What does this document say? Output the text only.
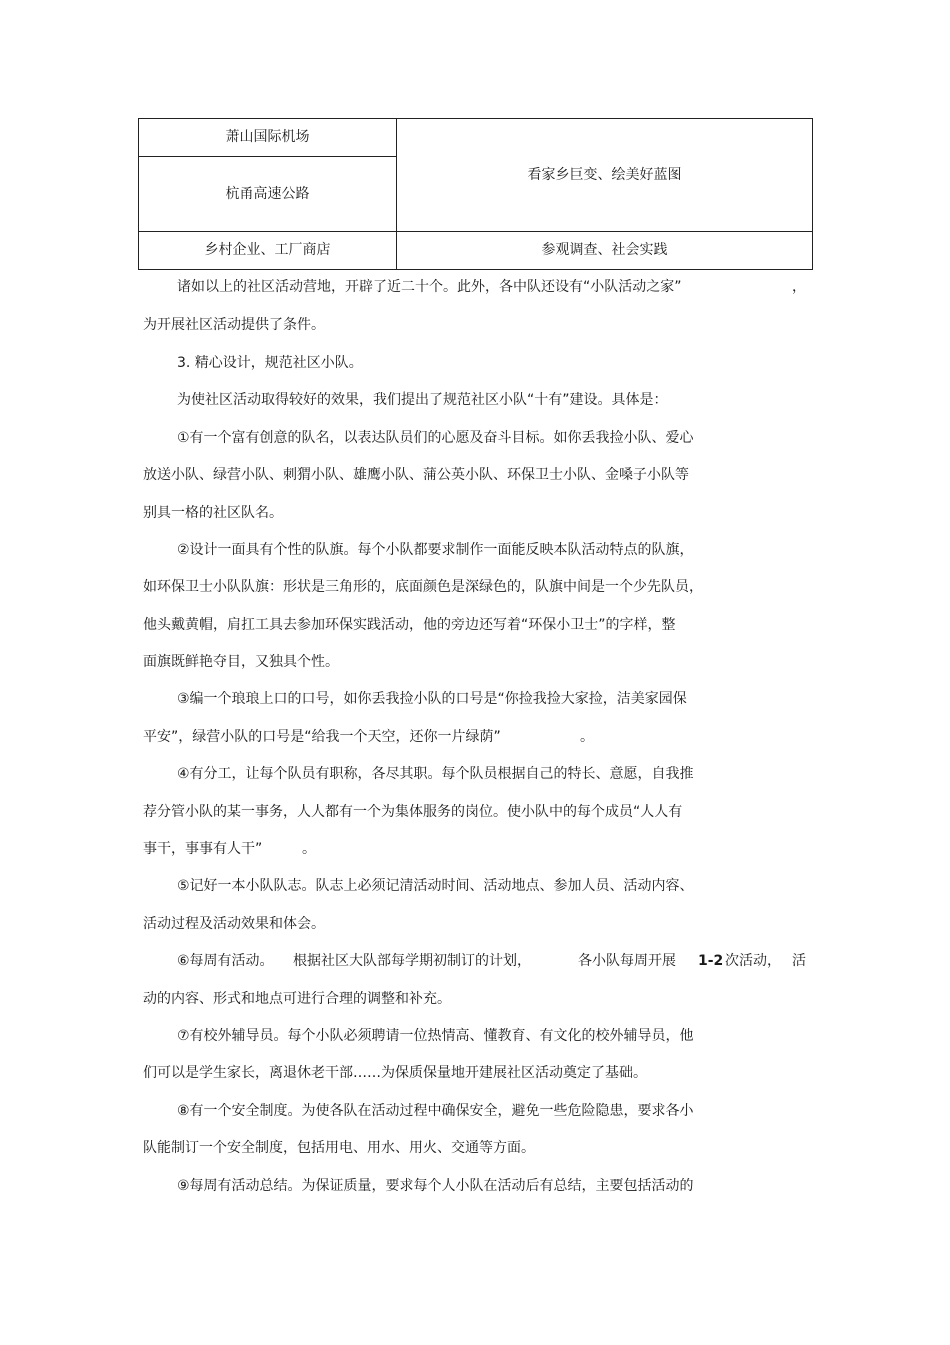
萧山国际机场	看家乡巨变、绘美好蓝图
杭甬高速公路	
乡村企业、工厂商店	参观调查、社会实践
诸如以上的社区活动营地，开辟了近二十个。此外，各中队还设有“小队活动之家”	，
为开展社区活动提供了条件。
3. 精心设计，规范社区小队。
为使社区活动取得较好的效果，我们提出了规范社区小队“十有”建设。具体是：
①有一个富有创意的队名，以表达队员们的心愿及奋斗目标。如你丢我捡小队、爱心
放送小队、绿营小队、刺猬小队、雄鹰小队、蒲公英小队、环保卫士小队、金嗓子小队等
别具一格的社区队名。
②设计一面具有个性的队旗。每个小队都要求制作一面能反映本队活动特点的队旗，
如环保卫士小队队旗：形状是三角形的，底面颜色是深绿色的，队旗中间是一个少先队员，
他头戴黄帽，肩扛工具去参加环保实践活动，他的旁边还写着“环保小卫士”的字样，整
面旗既鲜艳夺目，又独具个性。
③编一个琅琅上口的口号，如你丢我捡小队的口号是“你捡我捡大家捡，洁美家园保
平安”，绿营小队的口号是“给我一个天空，还你一片绿荫”	。
④有分工，让每个队员有职称，各尽其职。每个队员根据自己的特长、意愿，自我推
荐分管小队的某一事务，人人都有一个为集体服务的岗位。使小队中的每个成员“人人有
事干，事事有人干”	。
⑤记好一本小队队志。队志上必须记清活动时间、活动地点、参加人员、活动内容、
活动过程及活动效果和体会。
⑥每周有活动。 根据社区大队部每学期初制订的计划，	各小队每周开展 1-2 次活动， 活
动的内容、形式和地点可进行合理的调整和补充。
⑦有校外辅导员。每个小队必须聘请一位热情高、懂教育、有文化的校外辅导员，他
们可以是学生家长，离退休老干部……为保质保量地开建展社区活动奠定了基础。
⑧有一个安全制度。为使各队在活动过程中确保安全，避免一些危险隐患，要求各小
队能制订一个安全制度，包括用电、用水、用火、交通等方面。
⑨每周有活动总结。为保证质量，要求每个人小队在活动后有总结，主要包括活动的
